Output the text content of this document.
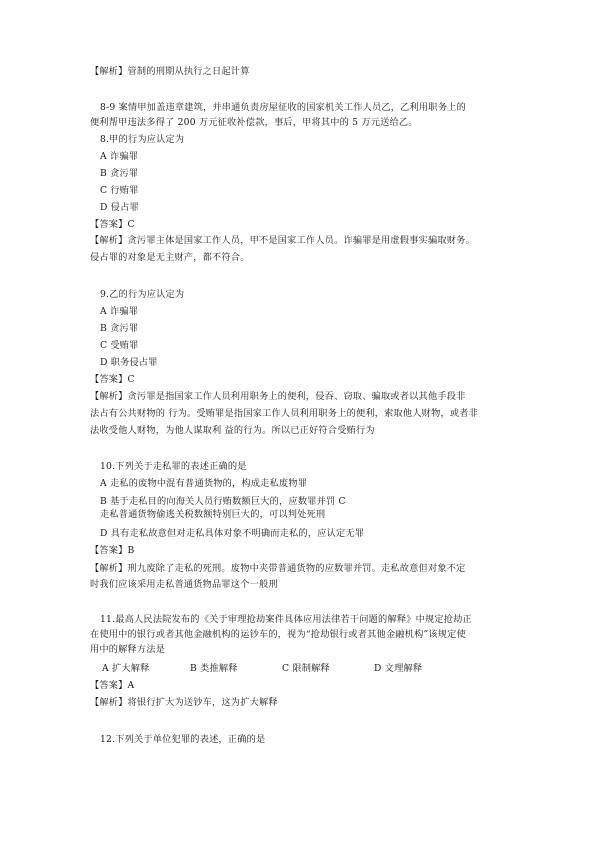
【解析】管制的刑期从执行之日起计算
8-9 案情甲加盖违章建筑，并串通负责房屋征收的国家机关工作人员乙，乙利用职务上的
便利帮甲违法多得了 200 万元征收补偿款，事后，甲将其中的 5 万元送给乙。
8.甲的行为应认定为
A 诈骗罪
B 贪污罪
C 行贿罪
D 侵占罪
【答案】C
【解析】贪污罪主体是国家工作人员，甲不是国家工作人员。诈骗罪是用虚假事实骗取财务。
侵占罪的对象是无主财产，都不符合。
9.乙的行为应认定为
A 诈骗罪
B 贪污罪
C 受贿罪
D 职务侵占罪
【答案】C
【解析】贪污罪是指国家工作人员利用职务上的便利，侵吞、窃取、骗取或者以其他手段非
法占有公共财物的 行为。受贿罪是指国家工作人员利用职务上的便利，索取他人财物，或者非
法收受他人财物，为他人谋取利 益的行为。所以已正好符合受贿行为
10.下列关于走私罪的表述正确的是
A 走私的废物中混有普通货物的，构成走私废物罪
B 基于走私目的向海关人员行贿数额巨大的，应数罪并罚 C
走私普通货物偷逃关税数额特别巨大的，可以判处死刑
D 具有走私故意但对走私具体对象不明确而走私的，应认定无罪
【答案】B
【解析】刑九废除了走私的死刑。废物中夹带普通货物的应数罪并罚。走私故意但对象不定
时我们应该采用走私普通货物品罪这个一般刑
11.最高人民法院发布的《关于审理抢劫案件具体应用法律若干问题的解释》中规定抢劫正
在使用中的银行或者其他金融机构的运钞车的，视为“抢劫银行或者其他金融机构”该规定使
用中的解释方法是
A 扩大解释	B 类推解释	C 限制解释	D 文理解释
【答案】A
【解析】将银行扩大为送钞车，这为扩大解释
12.下列关于单位犯罪的表述，正确的是
